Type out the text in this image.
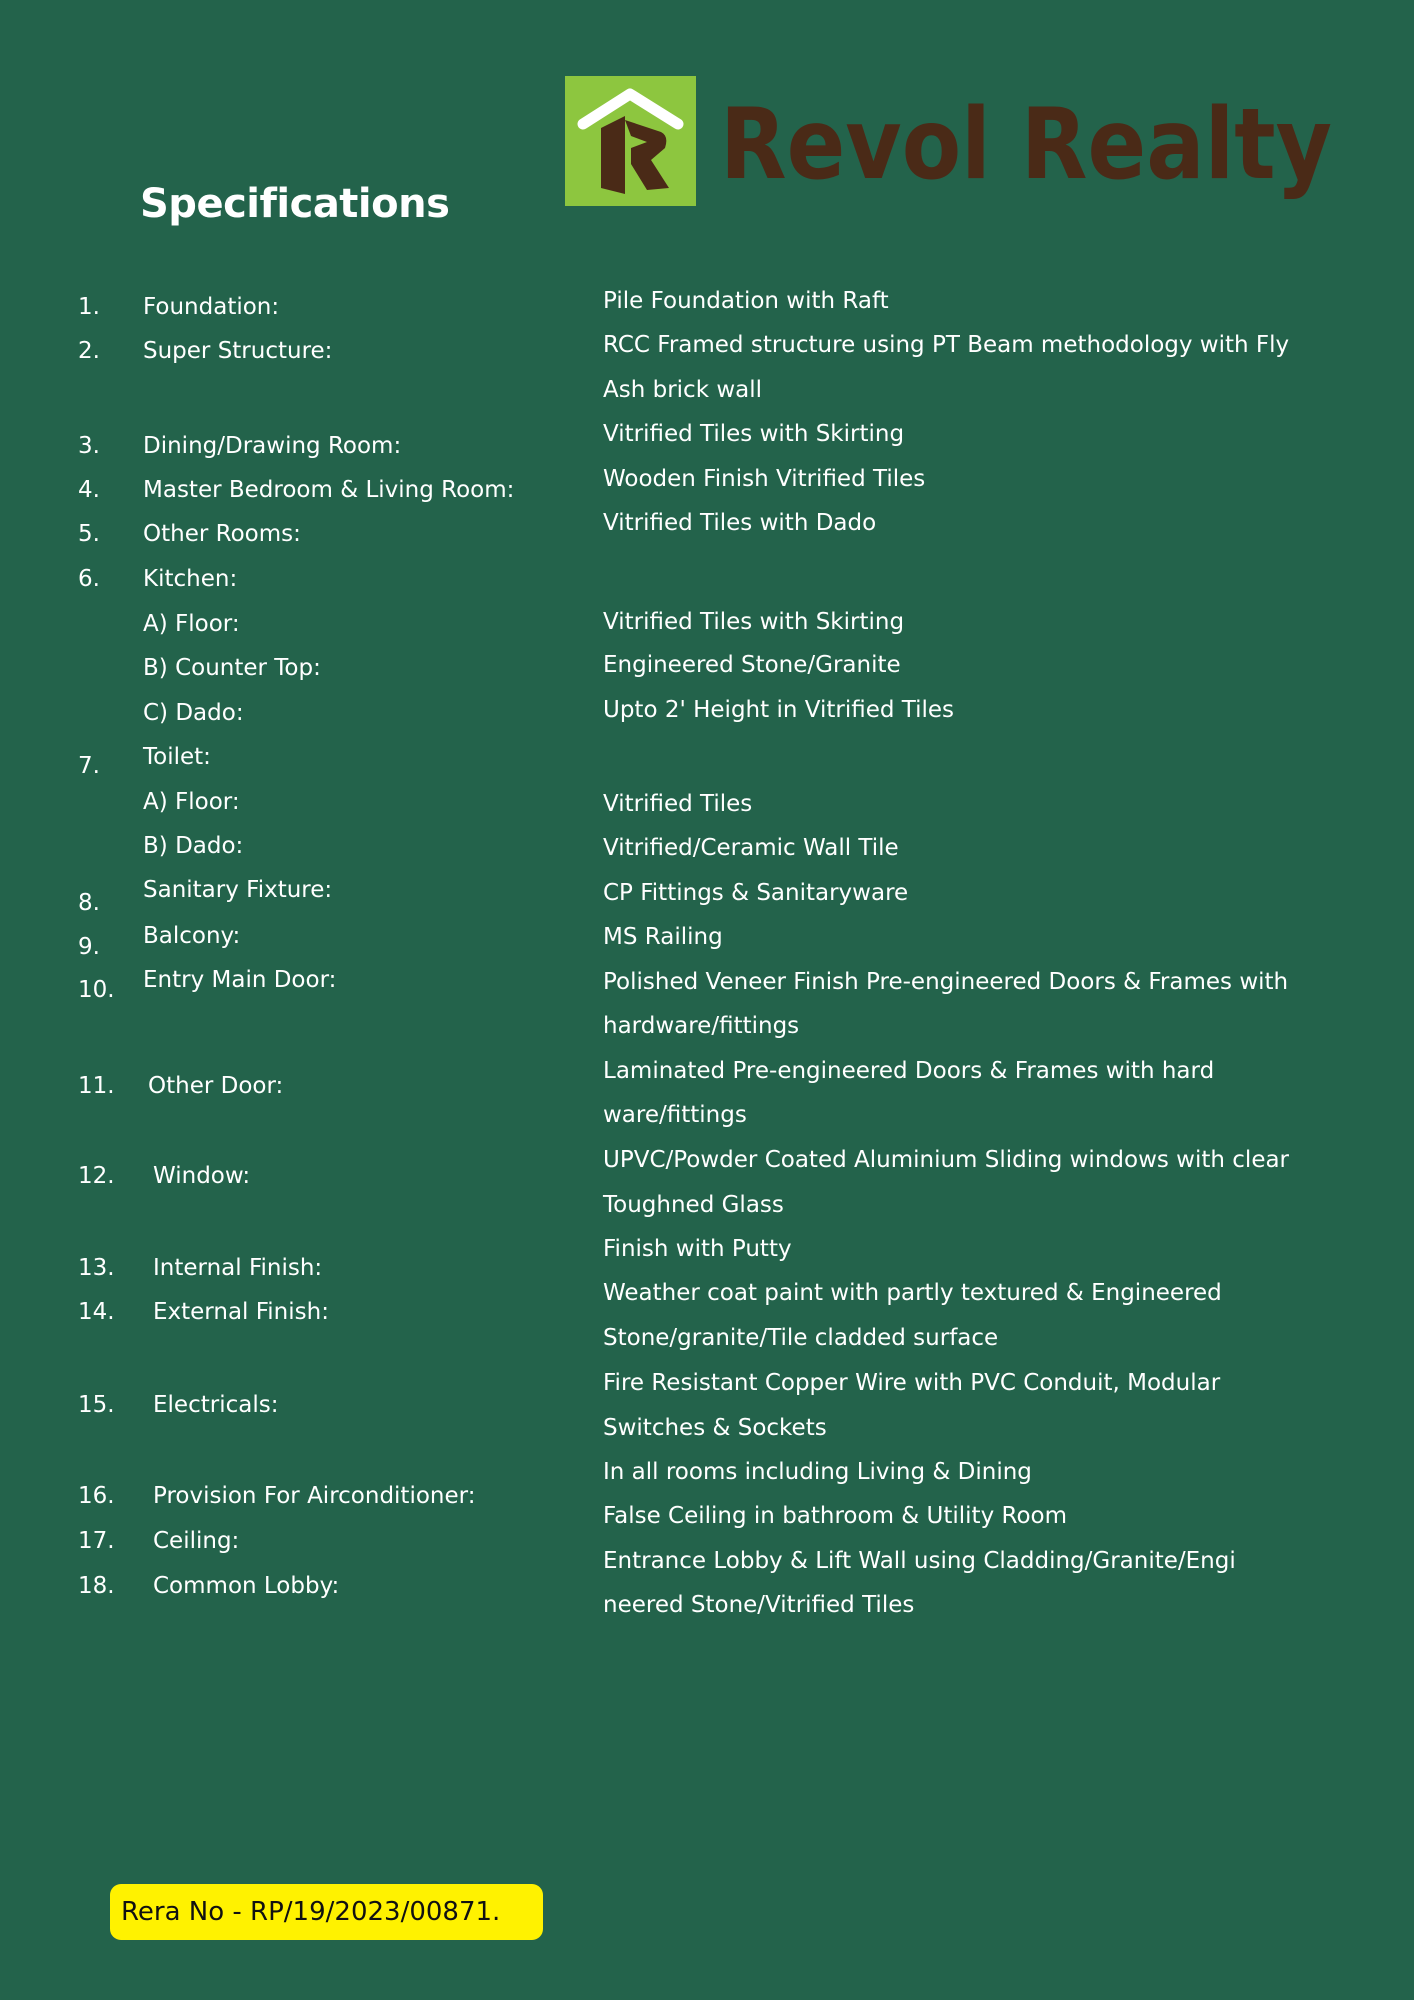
Revol Realty
Specifications
1. Foundation:	Pile Foundation with Raft
2. Super Structure:	RCC Framed structure using PT Beam methodology with Fly
Ash brick wall
3. Dining/Drawing Room:	Vitrified Tiles with Skirting
4. Master Bedroom & Living Room:	Wooden Finish Vitrified Tiles
5. Other Rooms:	Vitrified Tiles with Dado
6. Kitchen:
A) Floor:	Vitrified Tiles with Skirting
B) Counter Top:	Engineered Stone/Granite
C) Dado:	Upto 2' Height in Vitrified Tiles
7. Toilet:
A) Floor:	Vitrified Tiles
B) Dado:	Vitrified/Ceramic Wall Tile
8. Sanitary Fixture:	CP Fittings & Sanitaryware
9. Balcony:	MS Railing
10. Entry Main Door:	Polished Veneer Finish Pre-engineered Doors & Frames with
hardware/fittings
11. Other Door:
Laminated Pre-engineered Doors & Frames with hard
ware/fittings
12. Window:
UPVC/Powder Coated Aluminium Sliding windows with clear
Toughned Glass
13. Internal Finish:
Finish with Putty
14. External Finish:
Weather coat paint with partly textured & Engineered
Stone/granite/Tile cladded surface
15. Electricals:
Fire Resistant Copper Wire with PVC Conduit, Modular
Switches & Sockets
16. Provision For Airconditioner:
In all rooms including Living & Dining
17. Ceiling:
False Ceiling in bathroom & Utility Room
18. Common Lobby:
Entrance Lobby & Lift Wall using Cladding/Granite/Engi
neered Stone/Vitrified Tiles
Rera No - RP/19/2023/00871.
